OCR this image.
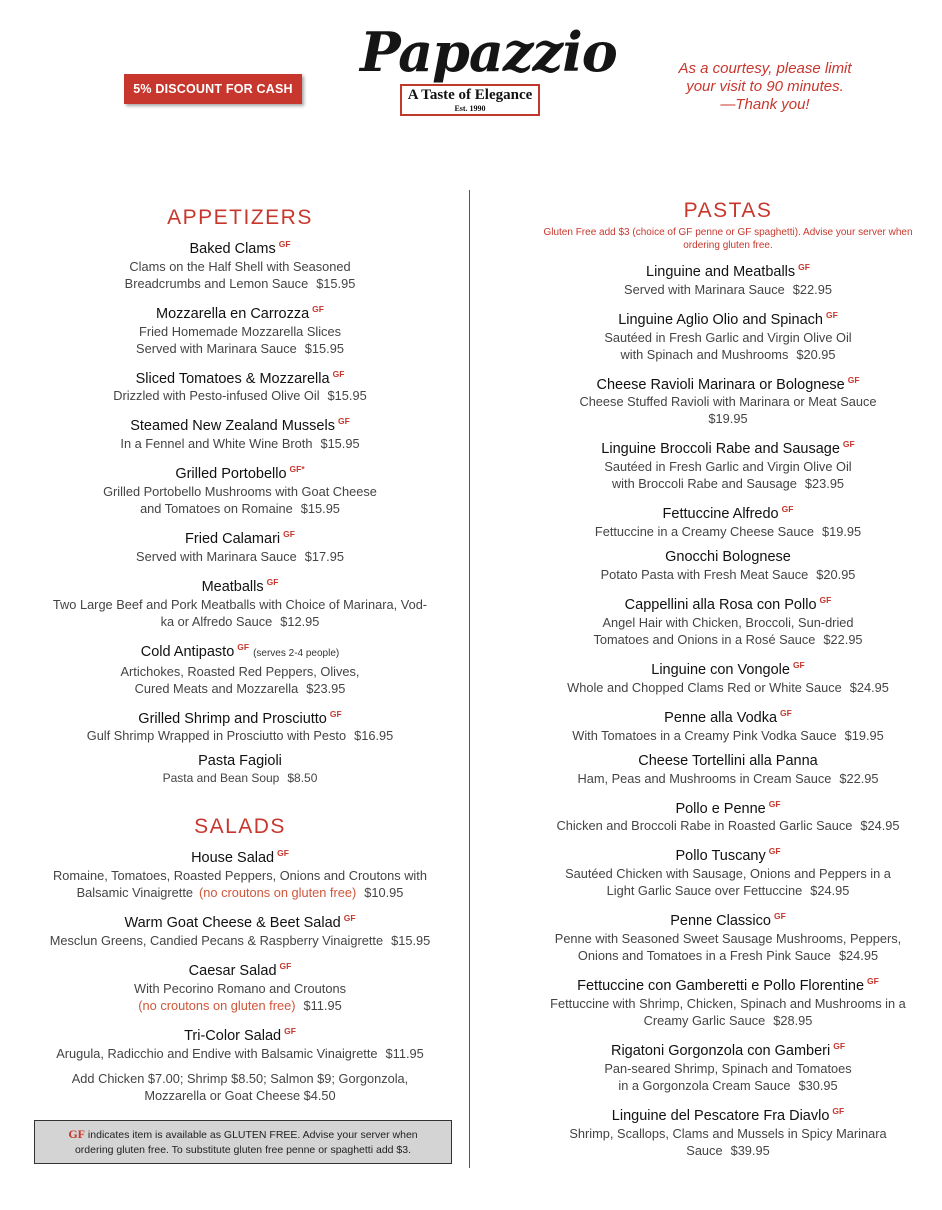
5% DISCOUNT FOR CASH
Papazzio
A Taste of Elegance
Est. 1990
As a courtesy, please limit
your visit to 90 minutes.
—Thank you!
APPETIZERS
Baked Clams $^{GF}$
Clams on the Half Shell with Seasoned
Breadcrumbs and Lemon Sauce $15.95
Mozzarella en Carrozza $^{GF}$
Fried Homemade Mozzarella Slices
Served with Marinara Sauce $15.95
Sliced Tomatoes & Mozzarella $^{GF}$
Drizzled with Pesto-infused Olive Oil $15.95
Steamed New Zealand Mussels $^{GF}$
In a Fennel and White Wine Broth $15.95
Grilled Portobello $^{GF*}$
Grilled Portobello Mushrooms with Goat Cheese
and Tomatoes on Romaine $15.95
Fried Calamari $^{GF}$
Served with Marinara Sauce $17.95
Meatballs $^{GF}$
Two Large Beef and Pork Meatballs with Choice of Marinara, Vod-
ka or Alfredo Sauce $12.95
Cold Antipasto $^{GF}$(serves 2-4 people)
Artichokes, Roasted Red Peppers, Olives,
Cured Meats and Mozzarella $23.95
Grilled Shrimp and Prosciutto $^{GF}$
Gulf Shrimp Wrapped in Prosciutto with Pesto $16.95
Pasta Fagioli
Pasta and Bean Soup $8.50
SALADS
House Salad $^{GF}$
Romaine, Tomatoes, Roasted Peppers, Onions and Croutons with
Balsamic Vinaigrette (no croutons on gluten free) $10.95
Warm Goat Cheese & Beet Salad $^{GF}$
Mesclun Greens, Candied Pecans & Raspberry Vinaigrette $15.95
Caesar Salad $^{GF}$
With Pecorino Romano and Croutons
(no croutons on gluten free) $11.95
Tri-Color Salad $^{GF}$
Arugula, Radicchio and Endive with Balsamic Vinaigrette $11.95
Add Chicken $7.00; Shrimp $8.50; Salmon $9; Gorgonzola,
Mozzarella or Goat Cheese $4.50
GF indicates item is available as GLUTEN FREE. Advise your server when
ordering gluten free. To substitute gluten free penne or spaghetti add $3.
PASTAS
Gluten Free add $3 (choice of GF penne or GF spaghetti). Advise your server when ordering gluten free.
Linguine and Meatballs $^{GF}$
Served with Marinara Sauce $22.95
Linguine Aglio Olio and Spinach $^{GF}$
Sautéed in Fresh Garlic and Virgin Olive Oil
with Spinach and Mushrooms $20.95
Cheese Ravioli Marinara or Bolognese $^{GF}$
Cheese Stuffed Ravioli with Marinara or Meat Sauce
$19.95
Linguine Broccoli Rabe and Sausage $^{GF}$
Sautéed in Fresh Garlic and Virgin Olive Oil
with Broccoli Rabe and Sausage $23.95
Fettuccine Alfredo $^{GF}$
Fettuccine in a Creamy Cheese Sauce $19.95
Gnocchi Bolognese
Potato Pasta with Fresh Meat Sauce $20.95
Cappellini alla Rosa con Pollo $^{GF}$
Angel Hair with Chicken, Broccoli, Sun-dried
Tomatoes and Onions in a Rosé Sauce $22.95
Linguine con Vongole $^{GF}$
Whole and Chopped Clams Red or White Sauce $24.95
Penne alla Vodka $^{GF}$
With Tomatoes in a Creamy Pink Vodka Sauce $19.95
Cheese Tortellini alla Panna
Ham, Peas and Mushrooms in Cream Sauce $22.95
Pollo e Penne $^{GF}$
Chicken and Broccoli Rabe in Roasted Garlic Sauce $24.95
Pollo Tuscany $^{GF}$
Sautéed Chicken with Sausage, Onions and Peppers in a
Light Garlic Sauce over Fettuccine $24.95
Penne Classico $^{GF}$
Penne with Seasoned Sweet Sausage Mushrooms, Peppers,
Onions and Tomatoes in a Fresh Pink Sauce $24.95
Fettuccine con Gamberetti e Pollo Florentine $^{GF}$
Fettuccine with Shrimp, Chicken, Spinach and Mushrooms in a
Creamy Garlic Sauce $28.95
Rigatoni Gorgonzola con Gamberi $^{GF}$
Pan-seared Shrimp, Spinach and Tomatoes
in a Gorgonzola Cream Sauce $30.95
Linguine del Pescatore Fra Diavlo $^{GF}$
Shrimp, Scallops, Clams and Mussels in Spicy Marinara
Sauce $39.95
